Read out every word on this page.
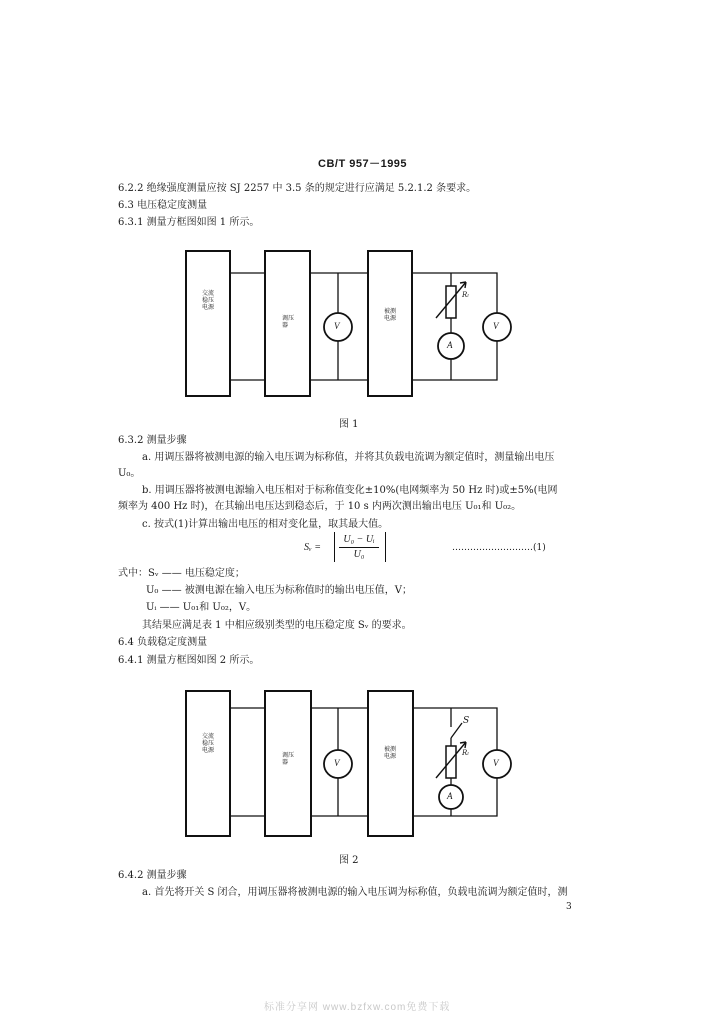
CB/T 957－1995
6.2.2 绝缘强度测量应按 SJ 2257 中 3.5 条的规定进行应满足 5.2.1.2 条要求。
6.3 电压稳定度测量
6.3.1 测量方框图如图 1 所示。
交流稳压电源
调压器
被测电源
V
A
V
Rₗ
图 1
6.3.2 测量步骤
a. 用调压器将被测电源的输入电压调为标称值，并将其负载电流调为额定值时，测量输出电压
U₀。
b. 用调压器将被测电源输入电压相对于标称值变化±10%(电网频率为 50 Hz 时)或±5%(电网
频率为 400 Hz 时)，在其输出电压达到稳态后，于 10 s 内两次测出输出电压 U₀₁和 U₀₂。
c. 按式(1)计算出输出电压的相对变化量，取其最大值。
Sᵥ =
U₀ − Uᵢ
U₀
………………………(1)
式中：Sᵥ —— 电压稳定度；
U₀ —— 被测电源在输入电压为标称值时的输出电压值，V；
Uᵢ —— U₀₁和 U₀₂，V。
其结果应满足表 1 中相应级别类型的电压稳定度 Sᵥ 的要求。
6.4 负载稳定度测量
6.4.1 测量方框图如图 2 所示。
交流稳压电源
调压器
被测电源
V
A
V
Rₗ
S
图 2
6.4.2 测量步骤
a. 首先将开关 S 闭合，用调压器将被测电源的输入电压调为标称值，负载电流调为额定值时，测
3
标准分享网 www.bzfxw.com免费下载
